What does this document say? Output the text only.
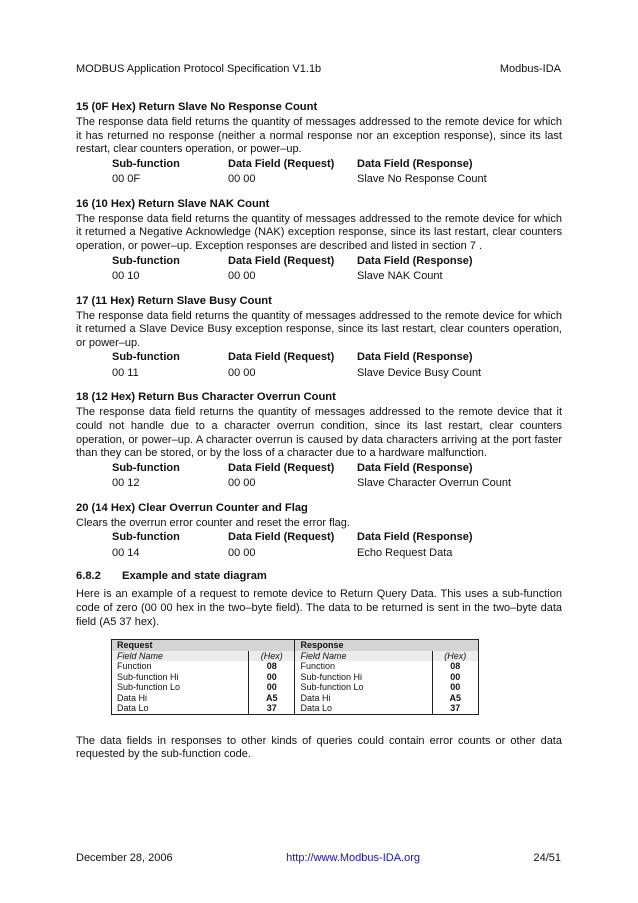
MODBUS Application Protocol Specification V1.1b	Modbus-IDA
15 (0F Hex) Return Slave No Response Count
The response data field returns the quantity of messages addressed to the remote device for which it has returned no response (neither a normal response nor an exception response), since its last restart, clear counters operation, or power–up.
Sub-function	Data Field (Request)	Data Field (Response)
00 0F	00 00	Slave No Response Count
16 (10 Hex) Return Slave NAK Count
The response data field returns the quantity of messages addressed to the remote device for which it returned a Negative Acknowledge (NAK) exception response, since its last restart, clear counters operation, or power–up. Exception responses are described and listed in section 7 .
Sub-function	Data Field (Request)	Data Field (Response)
00 10	00 00	Slave NAK Count
17 (11 Hex) Return Slave Busy Count
The response data field returns the quantity of messages addressed to the remote device for which it returned a Slave Device Busy exception response, since its last restart, clear counters operation, or power–up.
Sub-function	Data Field (Request)	Data Field (Response)
00 11	00 00	Slave Device Busy Count
18 (12 Hex) Return Bus Character Overrun Count
The response data field returns the quantity of messages addressed to the remote device that it could not handle due to a character overrun condition, since its last restart, clear counters operation, or power–up. A character overrun is caused by data characters arriving at the port faster than they can be stored, or by the loss of a character due to a hardware malfunction.
Sub-function	Data Field (Request)	Data Field (Response)
00 12	00 00	Slave Character Overrun Count
20 (14 Hex) Clear Overrun Counter and Flag
Clears the overrun error counter and reset the error flag.
Sub-function	Data Field (Request)	Data Field (Response)
00 14	00 00	Echo Request Data
6.8.2	Example and state diagram
Here is an example of a request to remote device to Return Query Data. This uses a sub-function code of zero (00 00 hex in the two–byte field). The data to be returned is sent in the two–byte data field (A5 37 hex).
Request		Response	
Field Name	(Hex)	Field Name	(Hex)
Function	08	Function	08
Sub-function Hi	00	Sub-function Hi	00
Sub-function Lo	00	Sub-function Lo	00
Data Hi	A5	Data Hi	A5
Data Lo	37	Data Lo	37
The data fields in responses to other kinds of queries could contain error counts or other data requested by the sub-function code.
December 28, 2006	http://www.Modbus-IDA.org	24/51
